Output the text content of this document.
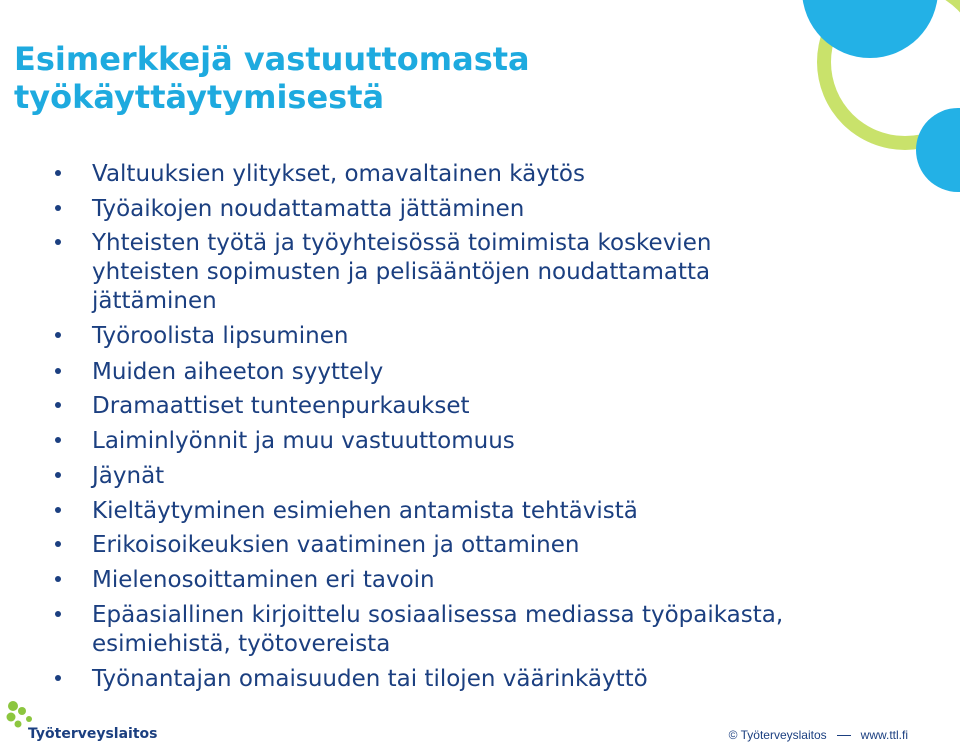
Esimerkkejä vastuuttomasta
työkäyttäytymisestä
Valtuuksien ylitykset, omavaltainen käytös
Työaikojen noudattamatta jättäminen
Yhteisten työtä ja työyhteisössä toimimista koskevien
yhteisten sopimusten ja pelisääntöjen noudattamatta
jättäminen
Työroolista lipsuminen
Muiden aiheeton syyttely
Dramaattiset tunteenpurkaukset
Laiminlyönnit ja muu vastuuttomuus
Jäynät
Kieltäytyminen esimiehen antamista tehtävistä
Erikoisoikeuksien vaatiminen ja ottaminen
Mielenosoittaminen eri tavoin
Epäasiallinen kirjoittelu sosiaalisessa mediassa työpaikasta,
esimiehistä, työtovereista
Työnantajan omaisuuden tai tilojen väärinkäyttö
Työterveyslaitos	© Työterveyslaitos	www.ttl.fi
